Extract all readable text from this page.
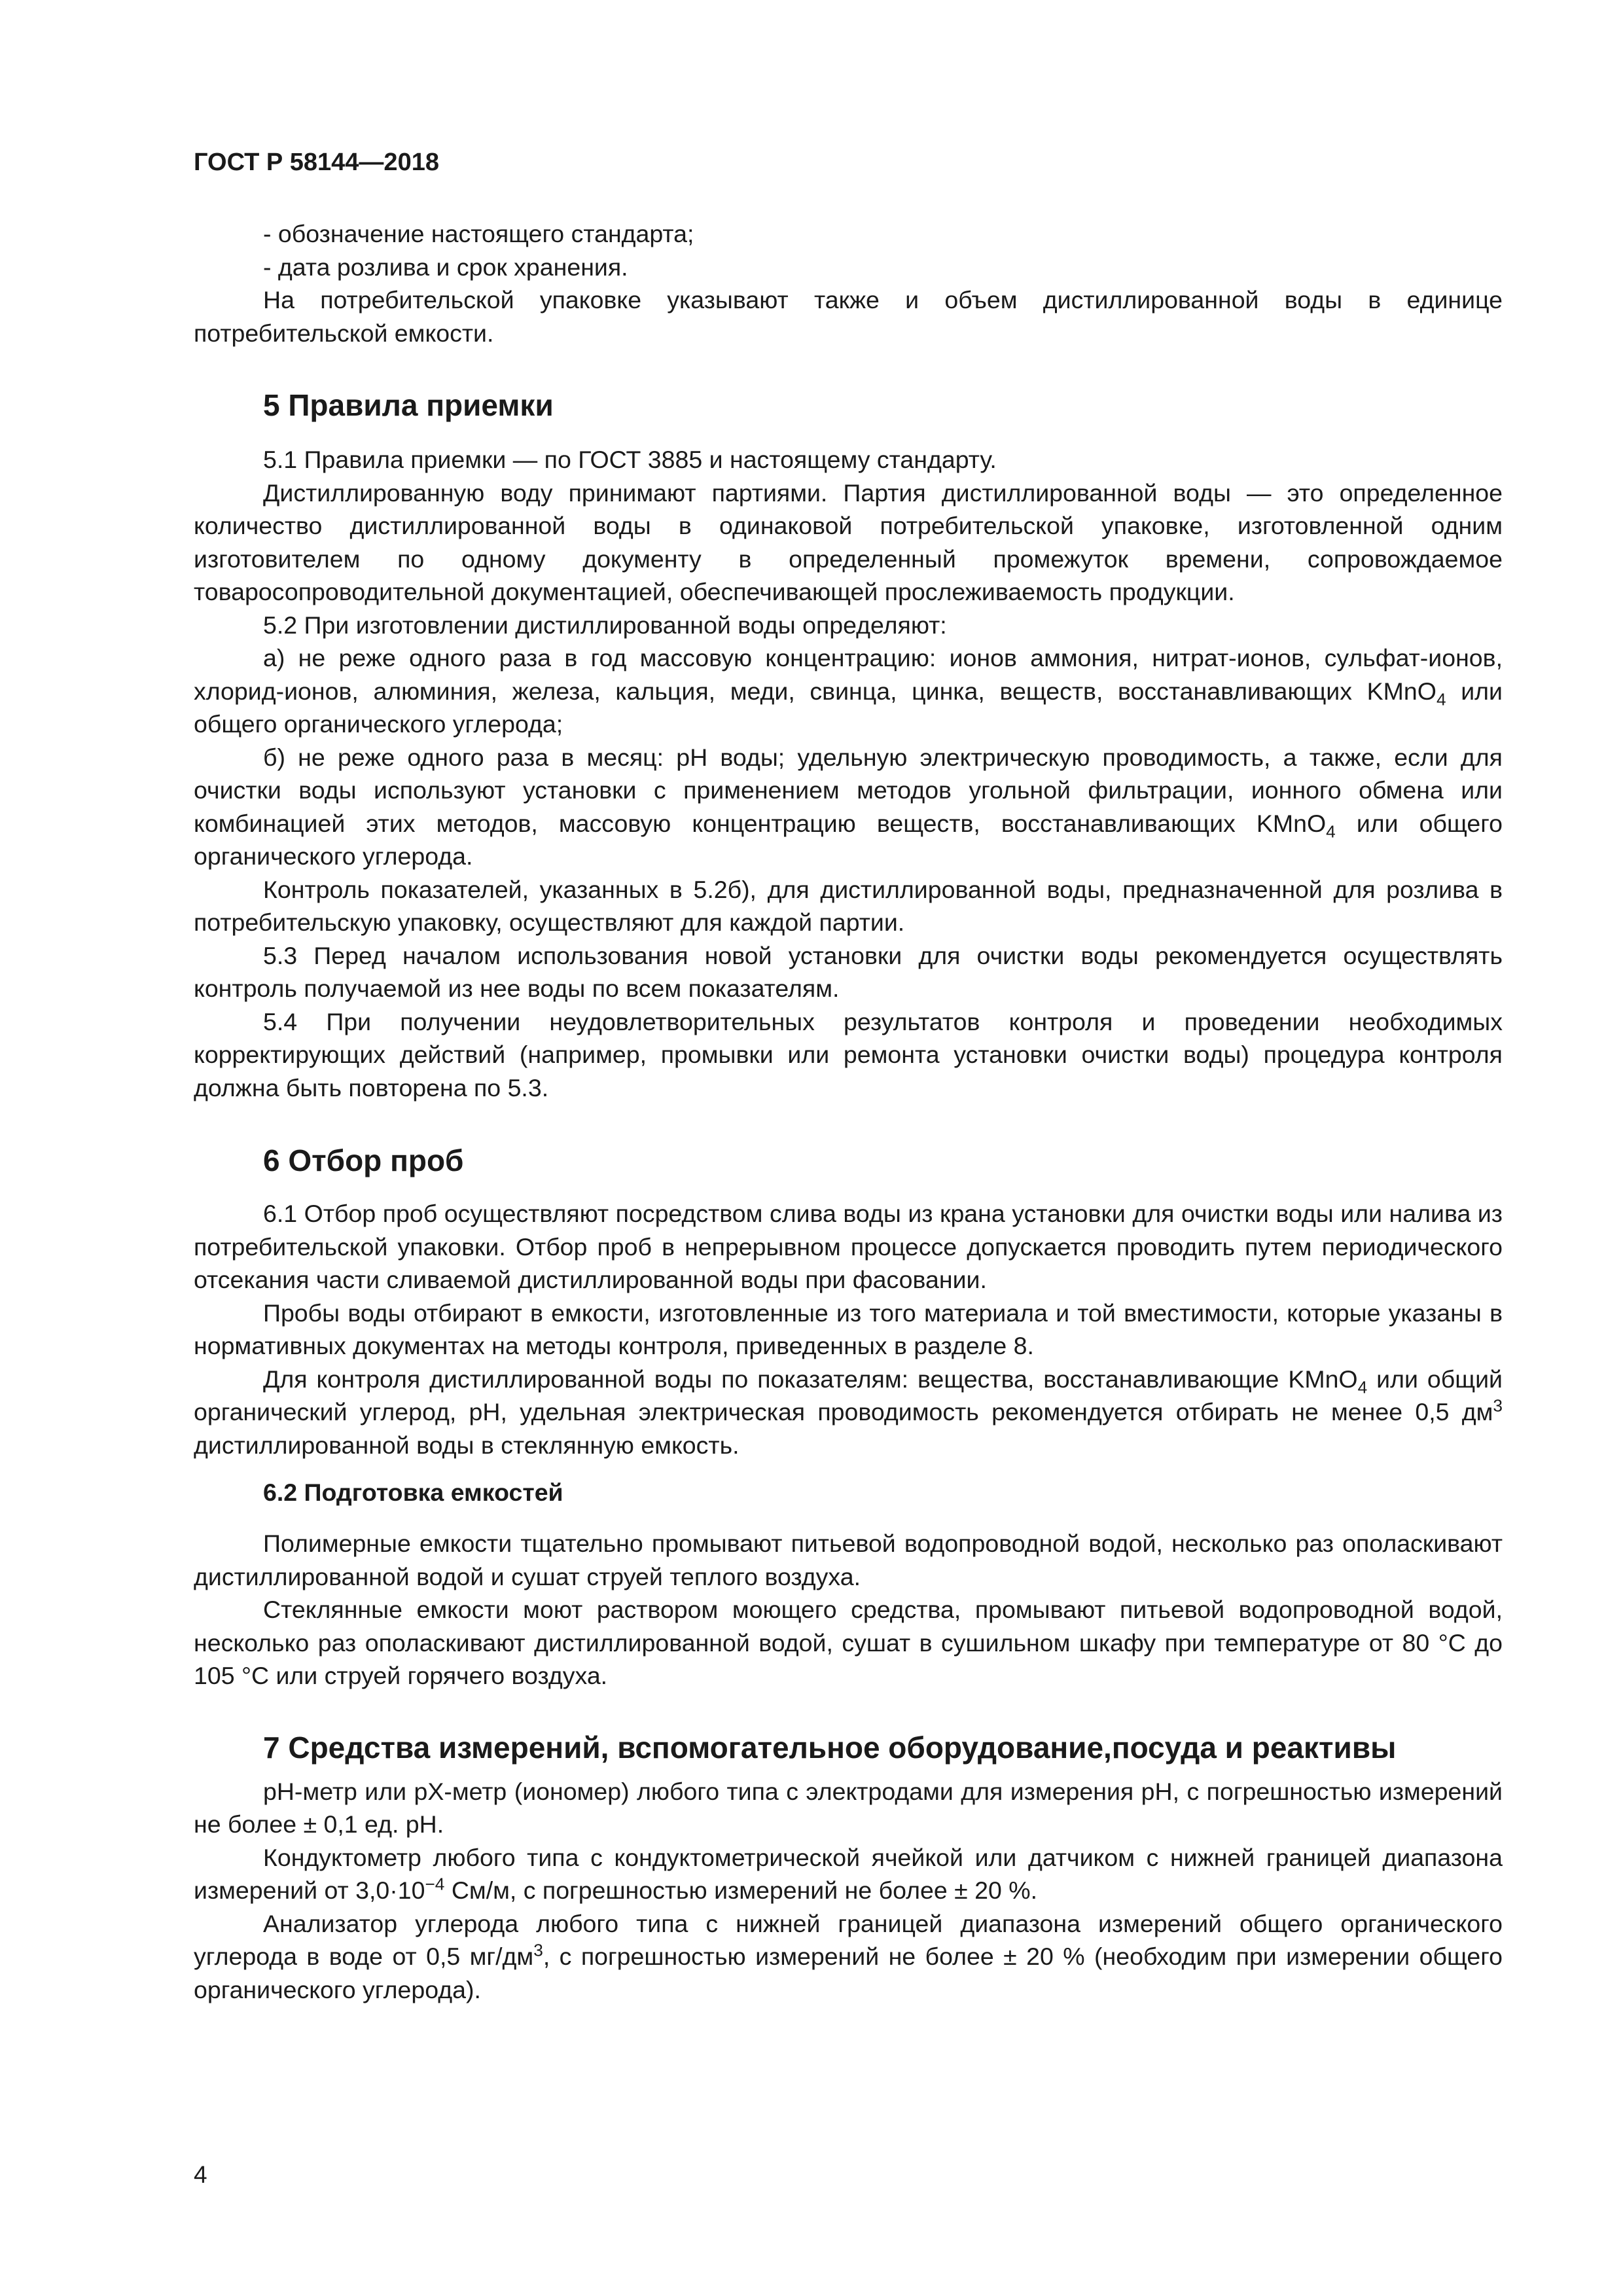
ГОСТ Р 58144—2018

- обозначение настоящего стандарта;

- дата розлива и срок хранения.

На потребительской упаковке указывают также и объем дистиллированной воды в единице потребительской емкости.

5 Правила приемки

5.1 Правила приемки — по ГОСТ 3885 и настоящему стандарту.

Дистиллированную воду принимают партиями. Партия дистиллированной воды — это определенное количество дистиллированной воды в одинаковой потребительской упаковке, изготовленной одним изготовителем по одному документу в определенный промежуток времени, сопровождаемое товаросопроводительной документацией, обеспечивающей прослеживаемость продукции.

5.2 При изготовлении дистиллированной воды определяют:

а) не реже одного раза в год массовую концентрацию: ионов аммония, нитрат-ионов, сульфат-ионов, хлорид-ионов, алюминия, железа, кальция, меди, свинца, цинка, веществ, восстанавливающих KMnO$_4$ или общего органического углерода;

б) не реже одного раза в месяц: pH воды; удельную электрическую проводимость, а также, если для очистки воды используют установки с применением методов угольной фильтрации, ионного обмена или комбинацией этих методов, массовую концентрацию веществ, восстанавливающих KMnO$_4$ или общего органического углерода.

Контроль показателей, указанных в 5.2б), для дистиллированной воды, предназначенной для розлива в потребительскую упаковку, осуществляют для каждой партии.

5.3 Перед началом использования новой установки для очистки воды рекомендуется осуществлять контроль получаемой из нее воды по всем показателям.

5.4 При получении неудовлетворительных результатов контроля и проведении необходимых корректирующих действий (например, промывки или ремонта установки очистки воды) процедура контроля должна быть повторена по 5.3.

6 Отбор проб

6.1 Отбор проб осуществляют посредством слива воды из крана установки для очистки воды или налива из потребительской упаковки. Отбор проб в непрерывном процессе допускается проводить путем периодического отсекания части сливаемой дистиллированной воды при фасовании.

Пробы воды отбирают в емкости, изготовленные из того материала и той вместимости, которые указаны в нормативных документах на методы контроля, приведенных в разделе 8.

Для контроля дистиллированной воды по показателям: вещества, восстанавливающие KMnO$_4$ или общий органический углерод, pH, удельная электрическая проводимость рекомендуется отбирать не менее 0,5 $дм^3$ дистиллированной воды в стеклянную емкость.

6.2 Подготовка емкостей

Полимерные емкости тщательно промывают питьевой водопроводной водой, несколько раз ополаскивают дистиллированной водой и сушат струей теплого воздуха.

Стеклянные емкости моют раствором моющего средства, промывают питьевой водопроводной водой, несколько раз ополаскивают дистиллированной водой, сушат в сушильном шкафу при температуре от 80 °С до 105 °С или струей горячего воздуха.

7 Средства измерений, вспомогательное оборудование,посуда и реактивы

pH-метр или pX-метр (иономер) любого типа с электродами для измерения pH, с погрешностью измерений не более ± 0,1 ед. pH.

Кондуктометр любого типа с кондуктометрической ячейкой или датчиком с нижней границей диапазона измерений от $3,0\cdot 10^{-4}$ См/м, с погрешностью измерений не более ± 20 %.

Анализатор углерода любого типа с нижней границей диапазона измерений общего органического углерода в воде от 0,5 $мг/дм^3$, с погрешностью измерений не более ± 20 % (необходим при измерении общего органического углерода).

4
